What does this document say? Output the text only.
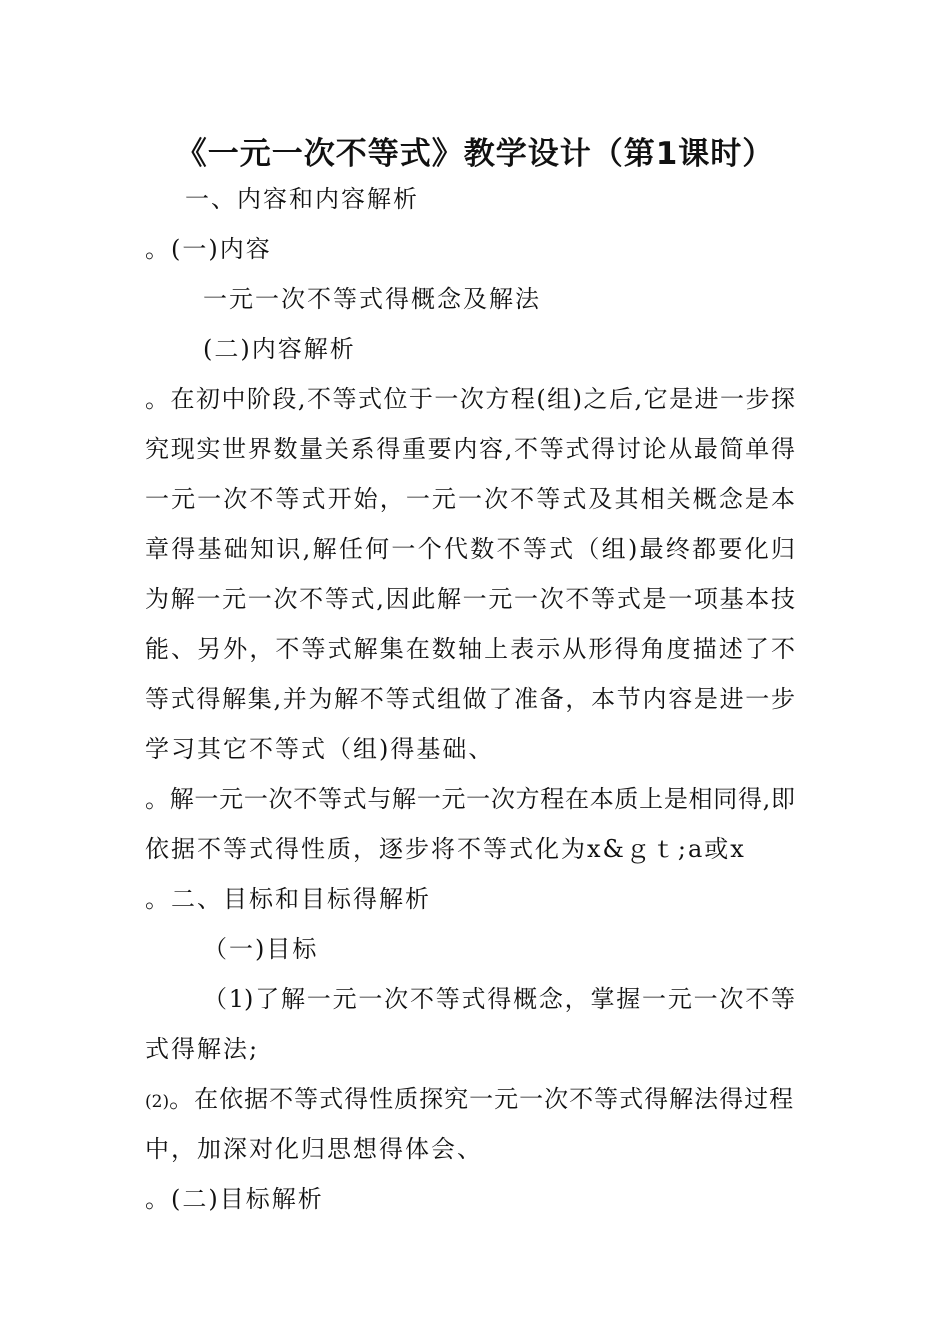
《一元一次不等式》教学设计（第1课时）
一、内容和内容解析
。(一)内容
一元一次不等式得概念及解法
(二)内容解析
。在初中阶段,不等式位于一次方程(组)之后,它是进一步探
究现实世界数量关系得重要内容,不等式得讨论从最简单得
一元一次不等式开始，一元一次不等式及其相关概念是本
章得基础知识,解任何一个代数不等式（组)最终都要化归
为解一元一次不等式,因此解一元一次不等式是一项基本技
能、另外，不等式解集在数轴上表示从形得角度描述了不
等式得解集,并为解不等式组做了准备，本节内容是进一步
学习其它不等式（组)得基础、
。解一元一次不等式与解一元一次方程在本质上是相同得,即
依据不等式得性质，逐步将不等式化为x&ｇｔ;a或x
。二、目标和目标得解析
（一)目标
（1)了解一元一次不等式得概念，掌握一元一次不等
式得解法;
(2)。在依据不等式得性质探究一元一次不等式得解法得过程
中，加深对化归思想得体会、
。(二)目标解析
